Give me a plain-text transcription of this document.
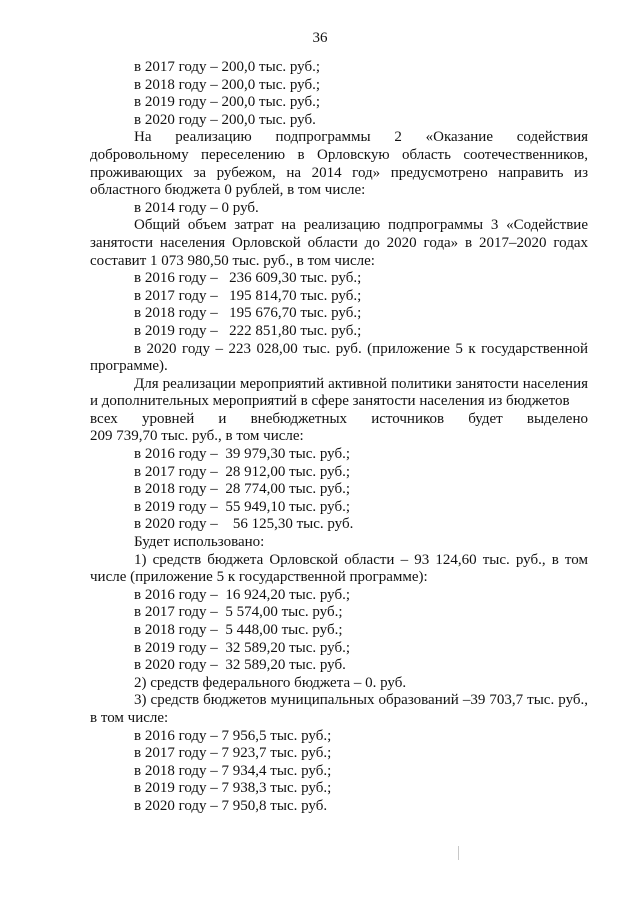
36

в 2017 году – 200,0 тыс. руб.;

в 2018 году – 200,0 тыс. руб.;

в 2019 году – 200,0 тыс. руб.;

в 2020 году – 200,0 тыс. руб.

На реализацию подпрограммы 2 «Оказание содействия

добровольному переселению в Орловскую область соотечественников, проживающих за рубежом, на 2014 год» предусмотрено направить из областного бюджета 0 рублей, в том числе:

в 2014 году – 0 руб.

Общий объем затрат на реализацию подпрограммы 3 «Содействие занятости населения Орловской области до 2020 года» в 2017–2020 годах составит 1 073 980,50 тыс. руб., в том числе:

в 2016 году – 236 609,30 тыс. руб.;

в 2017 году – 195 814,70 тыс. руб.;

в 2018 году – 195 676,70 тыс. руб.;

в 2019 году – 222 851,80 тыс. руб.;

в 2020 году – 223 028,00 тыс. руб. (приложение 5 к государственной программе).

Для реализации мероприятий активной политики занятости населения и дополнительных мероприятий в сфере занятости населения из бюджетов

всех уровней и внебюджетных источников будет выделено

209 739,70 тыс. руб., в том числе:

в 2016 году – 39 979,30 тыс. руб.;

в 2017 году – 28 912,00 тыс. руб.;

в 2018 году – 28 774,00 тыс. руб.;

в 2019 году – 55 949,10 тыс. руб.;

в 2020 году – 56 125,30 тыс. руб.

Будет использовано:

1) средств бюджета Орловской области – 93 124,60 тыс. руб., в том числе (приложение 5 к государственной программе):

в 2016 году – 16 924,20 тыс. руб.;

в 2017 году – 5 574,00 тыс. руб.;

в 2018 году – 5 448,00 тыс. руб.;

в 2019 году – 32 589,20 тыс. руб.;

в 2020 году – 32 589,20 тыс. руб.

2) средств федерального бюджета – 0. руб.

3) средств бюджетов муниципальных образований –39 703,7 тыс. руб., в том числе:

в 2016 году – 7 956,5 тыс. руб.;

в 2017 году – 7 923,7 тыс. руб.;

в 2018 году – 7 934,4 тыс. руб.;

в 2019 году – 7 938,3 тыс. руб.;

в 2020 году – 7 950,8 тыс. руб.
